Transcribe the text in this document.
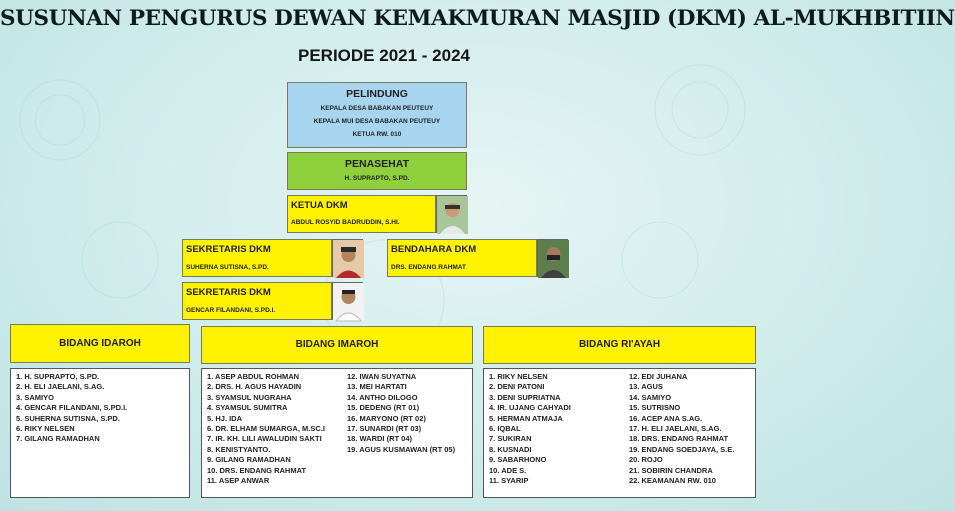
SUSUNAN PENGURUS DEWAN KEMAKMURAN MASJID (DKM) AL-MUKHBITIIN
PERIODE 2021 - 2024
PELINDUNG
KEPALA DESA BABAKAN PEUTEUY
KEPALA MUI DESA BABAKAN PEUTEUY
KETUA RW. 010
PENASEHAT
H. SUPRAPTO, S.PD.
KETUA DKM
ABDUL ROSYID BADRUDDIN, S.HI.
SEKRETARIS DKM
SUHERNA SUTISNA, S.PD.
BENDAHARA DKM
DRS. ENDANG RAHMAT
SEKRETARIS DKM
GENCAR FILANDANI, S.PD.I.
BIDANG IDAROH
1. H. SUPRAPTO, S.PD.
2. H. ELI JAELANI, S.AG.
3. SAMIYO
4. GENCAR FILANDANI, S.PD.I.
5. SUHERNA SUTISNA, S.PD.
6. RIKY NELSEN
7. GILANG RAMADHAN
BIDANG IMAROH
1. ASEP ABDUL ROHMAN
2. DRS. H. AGUS HAYADIN
3. SYAMSUL NUGRAHA
4. SYAMSUL SUMITRA
5. HJ. IDA
6. DR. ELHAM SUMARGA, M.SC.I
7. IR. KH. LILI AWALUDIN SAKTI
8. KENISTYANTO.
9. GILANG RAMADHAN
10. DRS. ENDANG RAHMAT
11. ASEP ANWAR
12. IWAN SUYATNA
13. MEI HARTATI
14. ANTHO DILOGO
15. DEDENG (RT 01)
16. MARYONO (RT 02)
17. SUNARDI (RT 03)
18. WARDI (RT 04)
19. AGUS KUSMAWAN (RT 05)
BIDANG RI'AYAH
1. RIKY NELSEN
2. DENI PATONI
3. DENI SUPRIATNA
4. IR. UJANG CAHYADI
5. HERMAN ATMAJA
6. IQBAL
7. SUKIRAN
8. KUSNADI
9. SABARHONO
10. ADE S.
11. SYARIP
12. EDI JUHANA
13. AGUS
14. SAMIYO
15. SUTRISNO
16. ACEP ANA S.AG.
17. H. ELI JAELANI, S.AG.
18. DRS. ENDANG RAHMAT
19. ENDANG SOEDJAYA, S.E.
20. ROJO
21. SOBIRIN CHANDRA
22. KEAMANAN RW. 010
